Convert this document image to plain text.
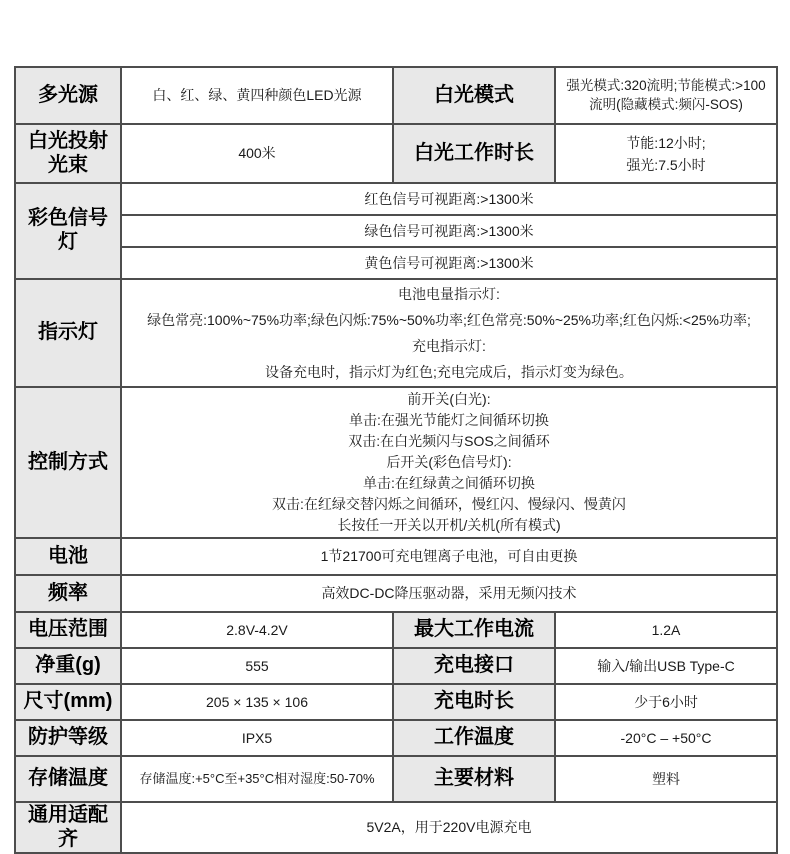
多光源	白、红、绿、黄四种颜色LED光源	白光模式	强光模式:320流明;节能模式:>100流明(隐藏模式:频闪-SOS)
白光投射光束	400米	白光工作时长	节能:12小时;
强光:7.5小时

彩色信号灯	红色信号可视距离:>1300米		
	绿色信号可视距离:>1300米		
	黄色信号可视距离:>1300米		
指示灯	电池电量指示灯:
绿色常亮:100%~75%功率;绿色闪烁:75%~50%功率;红色常亮:50%~25%功率;红色闪烁:<25%功率;
充电指示灯:
设备充电时，指示灯为红色;充电完成后，指示灯变为绿色。		

控制方式	
前开关(白光):
单击:在强光节能灯之间循环切换
双击:在白光频闪与SOS之间循环
后开关(彩色信号灯):
单击:在红绿黄之间循环切换
双击:在红绿交替闪烁之间循环，慢红闪、慢绿闪、慢黄闪
长按任一开关以开机/关机(所有模式)

电池	1节21700可充电锂离子电池，可自由更换		
频率	高效DC-DC降压驱动器，采用无频闪技术		
电压范围	2.8V-4.2V	最大工作电流	1.2A
净重(g)	555	充电接口	输入/输出USB Type-C
尺寸(mm)	205 × 135 × 106	充电时长	少于6小时
防护等级	IPX5	工作温度	-20°C – +50°C
存储温度	存储温度:+5°C至+35°C相对湿度:50-70%	主要材料	塑料
通用适配齐	5V2A，用于220V电源充电		
